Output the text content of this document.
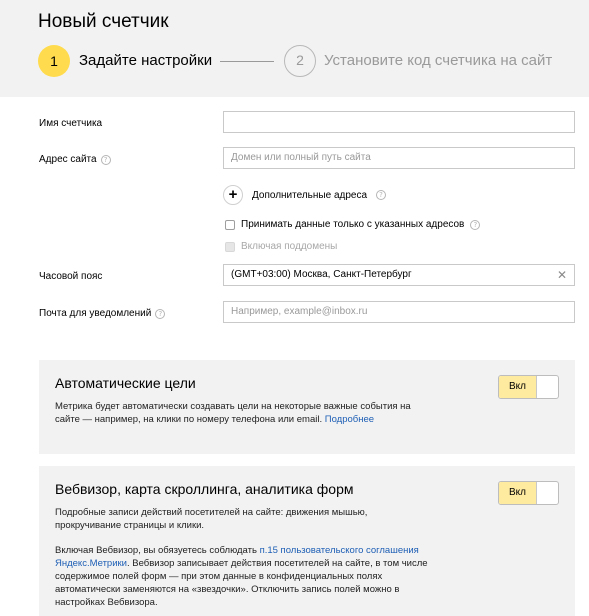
Новый счетчик
1	Задайте настройки	2	Установите код счетчика на сайт
Имя счетчика
Адрес сайта	?	Домен или полный путь сайта
+	Дополнительные адреса	?
Принимать данные только с указанных адресов	?
Включая поддомены
Часовой пояс	(GMT+03:00) Москва, Санкт-Петербург	✕
Почта для уведомлений	?	Например, example@inbox.ru
Автоматические цели
Метрика будет автоматически создавать цели на некоторые важные события на
сайте — например, на клики по номеру телефона или email. Подробнее
Вкл
Вебвизор, карта скроллинга, аналитика форм
Подробные записи действий посетителей на сайте: движения мышью,
прокручивание страницы и клики.
Включая Вебвизор, вы обязуетесь соблюдать п.15 пользовательского соглашения
Яндекс.Метрики. Вебвизор записывает действия посетителей на сайте, в том числе
содержимое полей форм — при этом данные в конфиденциальных полях
автоматически заменяются на «звездочки». Отключить запись полей можно в
настройках Вебвизора.
Вкл
